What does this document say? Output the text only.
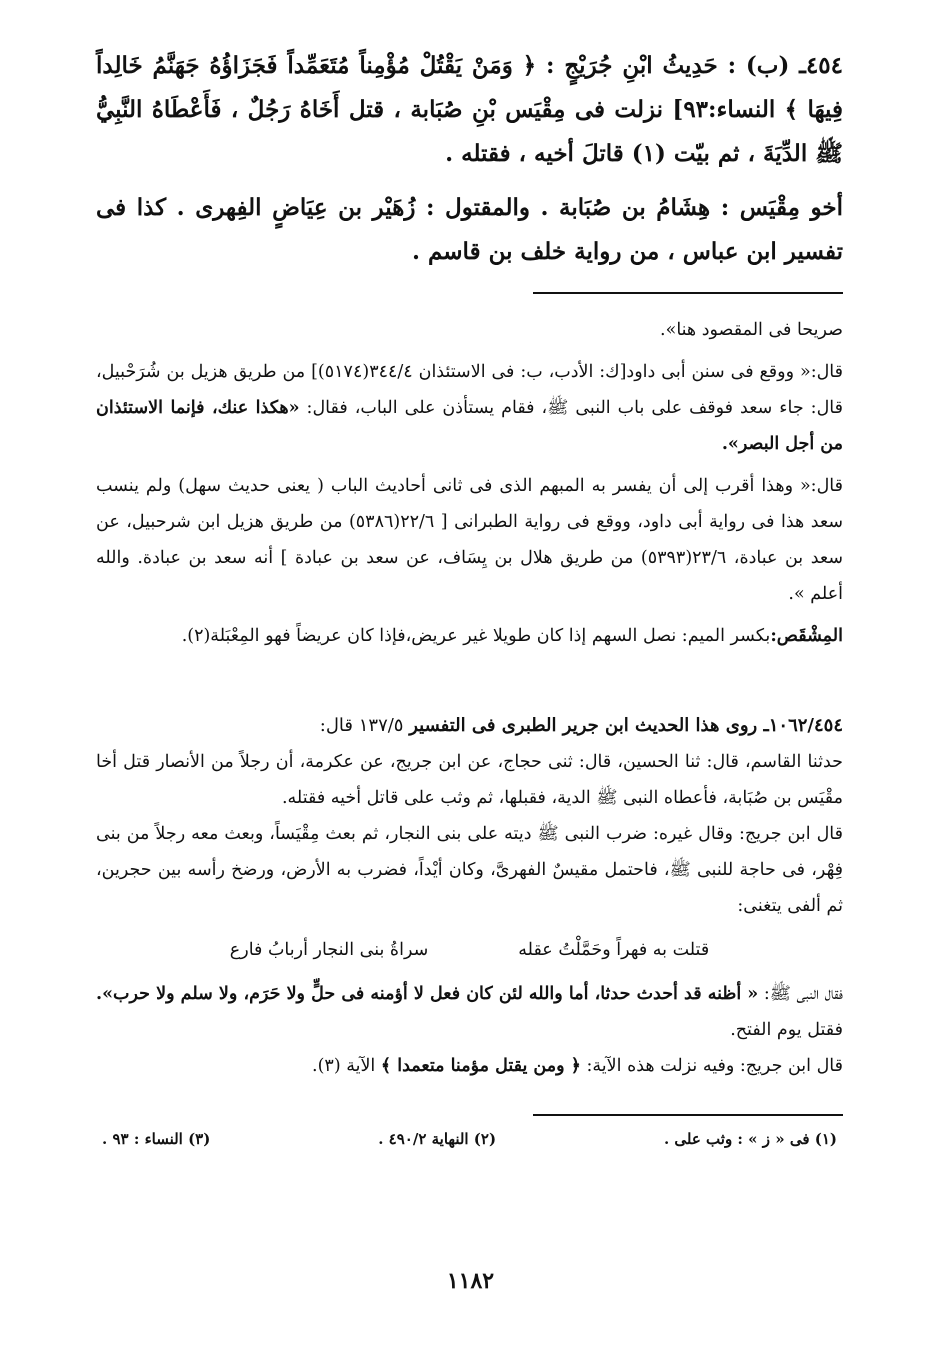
٤٥٤ـ (ب) : حَدِيثُ ابْنِ جُرَيْجٍ : ﴿ وَمَنْ يَقْتُلْ مُؤْمِناً مُتَعَمِّداً فَجَزَاؤُهُ جَهَنَّمُ خَالِداً فِيهَا ﴾ النساء:٩٣] نزلت فى مِقْيَس بْنِ صُبَابة ، قتل أَخَاهُ رَجُلٌ ، فَأَعْطَاهُ النَّبِيُّ ﷺ الدِّيَةَ ، ثم بيّت (١) قاتلَ أخيه ، فقتله .

أخو مِقْيَس : هِشَامُ بن صُبَابة . والمقتول : زُهَيْر بن عِيَاضٍ الفِهرى . كذا فى تفسير ابن عباس ، من رواية خلف بن قاسم .

صريحا فى المقصود هنا».

قال:« ووقع فى سنن أبى داود[ك: الأدب، ب: فى الاستئذان ٣٤٤/٤(٥١٧٤)] من طريق هزيل بن شُرَحْبيل، قال: جاء سعد فوقف على باب النبى ﷺ، فقام يستأذن على الباب، فقال: «هكذا عنك، فإنما الاستئذان من أجل البصر».

قال:« وهذا أقرب إلى أن يفسر به المبهم الذى فى ثانى أحاديث الباب ( يعنى حديث سهل) ولم ينسب سعد هذا فى رواية أبى داود، ووقع فى رواية الطبرانى [ ٢٢/٦(٥٣٨٦) من طريق هزيل ابن شرحبيل، عن سعد بن عبادة، ٢٣/٦(٥٣٩٣) من طريق هلال بن يِسَاف، عن سعد بن عبادة ] أنه سعد بن عبادة. والله أعلم ».

المِشْقَص:بكسر الميم: نصل السهم إذا كان طويلا غير عريض،فإذا كان عريضاً فهو المِعْبَلة(٢).

١٠٦٢/٤٥٤ـ روى هذا الحديث ابن جرير الطبرى فى التفسير ١٣٧/٥ قال:

حدثنا القاسم، قال: ثنا الحسين، قال: ثنى حجاج، عن ابن جريج، عن عكرمة، أن رجلاً من الأنصار قتل أخا مقْيَس بن صُبَابة، فأعطاه النبى ﷺ الدية، فقبلها، ثم وثب على قاتل أخيه فقتله.

قال ابن جريج: وقال غيره: ضرب النبى ﷺ ديته على بنى النجار، ثم بعث مِقْيَساً، وبعث معه رجلاً من بنى فِهْر، فى حاجة للنبى ﷺ، فاحتمل مقيسٌ الفهرىَّ، وكان أيْداً، فضرب به الأرض، ورضخ رأسه بين حجرين، ثم ألفى يتغنى:

قتلت به فهراً وحَمَّلْتُ عقله
سراةُ بنى النجار أربابُ فارع

فقال النبى ﷺ: « أظنه قد أحدث حدثا، أما والله لئن كان فعل لا أؤمنه فى حلٍّ ولا حَرَم، ولا سلم ولا حرب». فقتل يوم الفتح.

قال ابن جريج: وفيه نزلت هذه الآية: ﴿ ومن يقتل مؤمنا متعمدا ﴾ الآية (٣).

(١) فى « ز » : وثب على .
(٢) النهاية ٤٩٠/٢ .
(٣) النساء : ٩٣ .
١١٨٢
